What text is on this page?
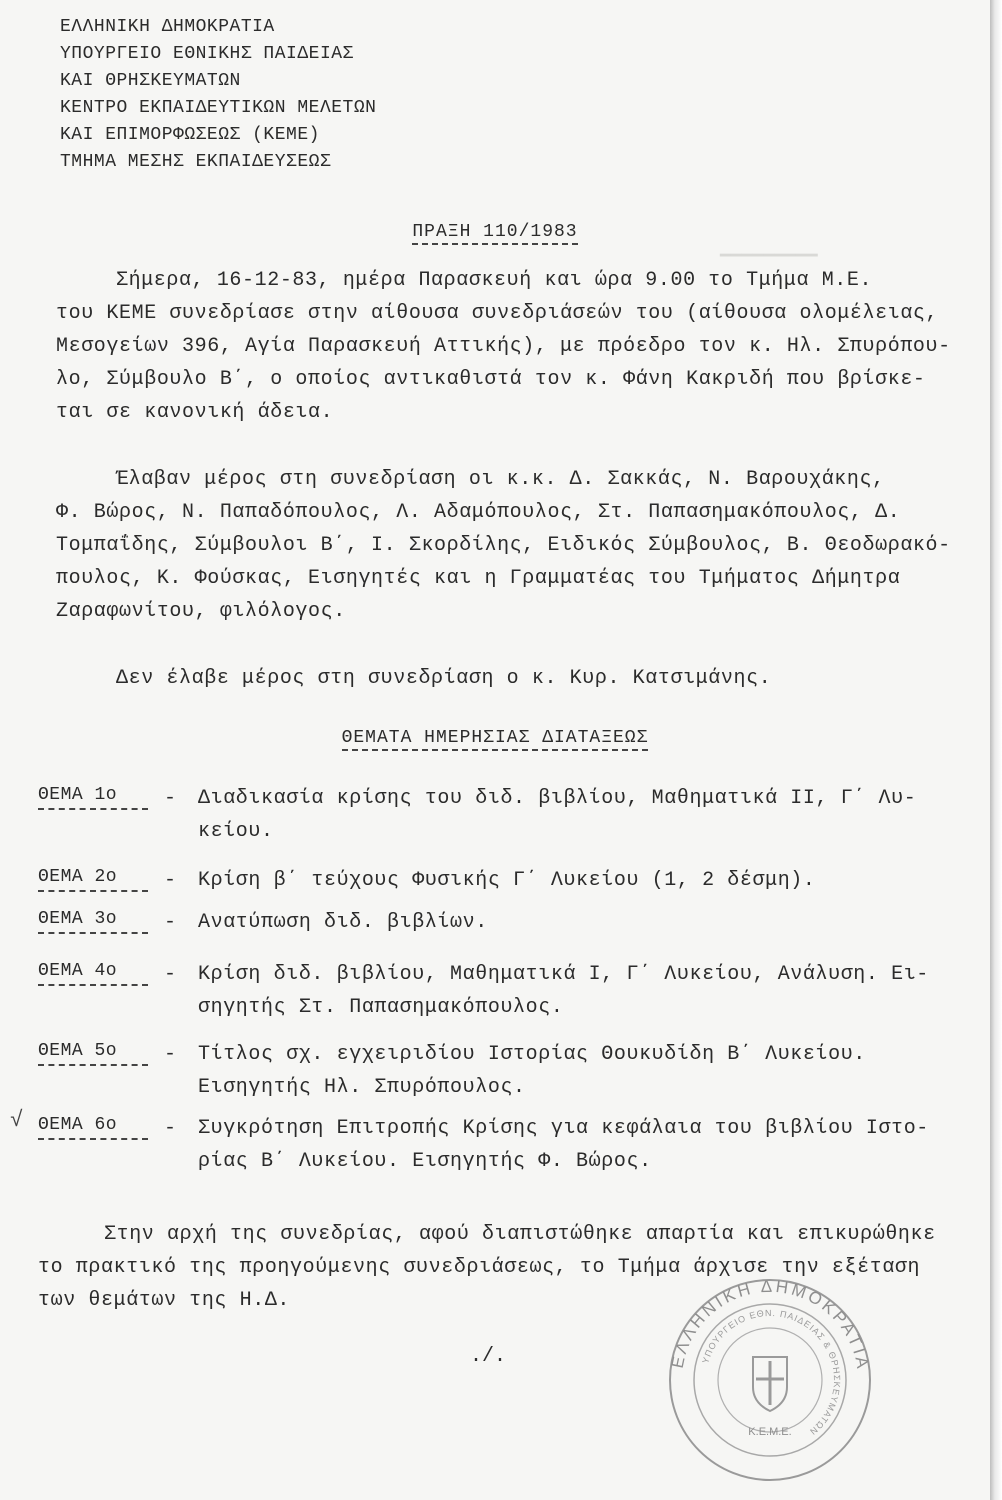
ΕΛΛΗΝΙΚΗ ΔΗΜΟΚΡΑΤΙΑ
ΥΠΟΥΡΓΕΙΟ ΕΘΝΙΚΗΣ ΠΑΙΔΕΙΑΣ
ΚΑΙ ΘΡΗΣΚΕΥΜΑΤΩΝ
ΚΕΝΤΡΟ ΕΚΠΑΙΔΕΥΤΙΚΩΝ ΜΕΛΕΤΩΝ
ΚΑΙ ΕΠΙΜΟΡΦΩΣΕΩΣ (ΚΕΜΕ)
ΤΜΗΜΑ ΜΕΣΗΣ ΕΚΠΑΙΔΕΥΣΕΩΣ
ΠΡΑΞΗ 110/1983
Σήμερα, 16-12-83, ημέρα Παρασκευή και ώρα 9.00 το Τμήμα Μ.Ε.
του ΚΕΜΕ συνεδρίασε στην αίθουσα συνεδριάσεών του (αίθουσα ολομέλειας,
Μεσογείων 396, Αγία Παρασκευή Αττικής), με πρόεδρο τον κ. Ηλ. Σπυρόπου-
λο, Σύμβουλο Β΄, ο οποίος αντικαθιστά τον κ. Φάνη Κακριδή που βρίσκε-
ται σε κανονική άδεια.
Έλαβαν μέρος στη συνεδρίαση οι κ.κ. Δ. Σακκάς, Ν. Βαρουχάκης,
Φ. Βώρος, Ν. Παπαδόπουλος, Λ. Αδαμόπουλος, Στ. Παπασημακόπουλος, Δ.
Τομπαΐδης, Σύμβουλοι Β΄, Ι. Σκορδίλης, Ειδικός Σύμβουλος, Β. Θεοδωρακό-
πουλος, Κ. Φούσκας, Εισηγητές και η Γραμματέας του Τμήματος Δήμητρα
Ζαραφωνίτου, φιλόλογος.
Δεν έλαβε μέρος στη συνεδρίαση ο κ. Κυρ. Κατσιμάνης.
ΘΕΜΑΤΑ ΗΜΕΡΗΣΙΑΣ ΔΙΑΤΑΞΕΩΣ
ΘΕΜΑ 1ο	- Διαδικασία κρίσης του διδ. βιβλίου, Μαθηματικά ΙΙ, Γ΄ Λυ-
κείου.
ΘΕΜΑ 2ο	- Κρίση β΄ τεύχους Φυσικής Γ΄ Λυκείου (1, 2 δέσμη).
ΘΕΜΑ 3ο	- Ανατύπωση διδ. βιβλίων.
ΘΕΜΑ 4ο	- Κρίση διδ. βιβλίου, Μαθηματικά Ι, Γ΄ Λυκείου, Ανάλυση. Ει-
σηγητής Στ. Παπασημακόπουλος.
ΘΕΜΑ 5ο	- Τίτλος σχ. εγχειριδίου Ιστορίας Θουκυδίδη Β΄ Λυκείου.
Εισηγητής Ηλ. Σπυρόπουλος.
√ ΘΕΜΑ 6ο	- Συγκρότηση Επιτροπής Κρίσης για κεφάλαια του βιβλίου Ιστο-
ρίας Β΄ Λυκείου. Εισηγητής Φ. Βώρος.
Στην αρχή της συνεδρίας, αφού διαπιστώθηκε απαρτία και επικυρώθηκε
το πρακτικό της προηγούμενης συνεδριάσεως, το Τμήμα άρχισε την εξέταση
των θεμάτων της Η.Δ.
./.	ΕΛΛΗΝΙΚΗ ΔΗΜΟΚΡΑΤΙΑ
ΥΠΟΥΡΓΕΙΟ ΕΘΝ. ΠΑΙΔΕΙΑΣ & ΘΡΗΣΚΕΥΜΑΤΩΝ
Κ.Ε.Μ.Ε.
▁▁▁▁▁▁▁▁▁
